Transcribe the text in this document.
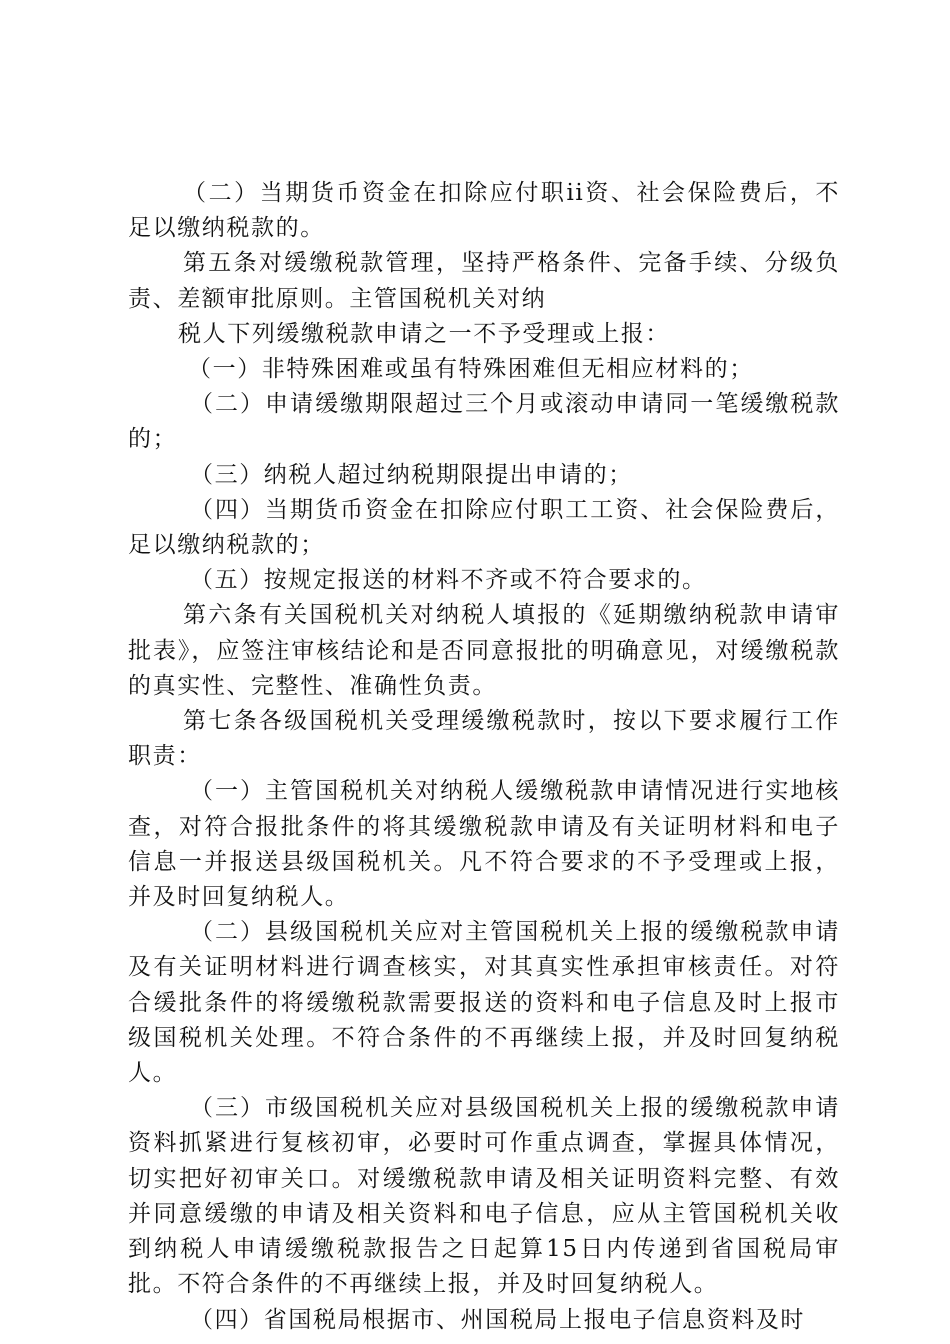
（二）当期货币资金在扣除应付职ii资、社会保险费后，不足以缴纳税款的。

第五条对缓缴税款管理，坚持严格条件、完备手续、分级负责、差额审批原则。主管国税机关对纳

税人下列缓缴税款申请之一不予受理或上报：

（一）非特殊困难或虽有特殊困难但无相应材料的；

（二）申请缓缴期限超过三个月或滚动申请同一笔缓缴税款的；

（三）纳税人超过纳税期限提出申请的；

（四）当期货币资金在扣除应付职工工资、社会保险费后，足以缴纳税款的；

（五）按规定报送的材料不齐或不符合要求的。

第六条有关国税机关对纳税人填报的《延期缴纳税款申请审批表》，应签注审核结论和是否同意报批的明确意见，对缓缴税款的真实性、完整性、准确性负责。

第七条各级国税机关受理缓缴税款时，按以下要求履行工作职责：

（一）主管国税机关对纳税人缓缴税款申请情况进行实地核查，对符合报批条件的将其缓缴税款申请及有关证明材料和电子信息一并报送县级国税机关。凡不符合要求的不予受理或上报，并及时回复纳税人。

（二）县级国税机关应对主管国税机关上报的缓缴税款申请及有关证明材料进行调查核实，对其真实性承担审核责任。对符合缓批条件的将缓缴税款需要报送的资料和电子信息及时上报市级国税机关处理。不符合条件的不再继续上报，并及时回复纳税人。

（三）市级国税机关应对县级国税机关上报的缓缴税款申请资料抓紧进行复核初审，必要时可作重点调查，掌握具体情况，切实把好初审关口。对缓缴税款申请及相关证明资料完整、有效并同意缓缴的申请及相关资料和电子信息，应从主管国税机关收到纳税人申请缓缴税款报告之日起算15日内传递到省国税局审批。不符合条件的不再继续上报，并及时回复纳税人。

（四）省国税局根据市、州国税局上报电子信息资料及时
